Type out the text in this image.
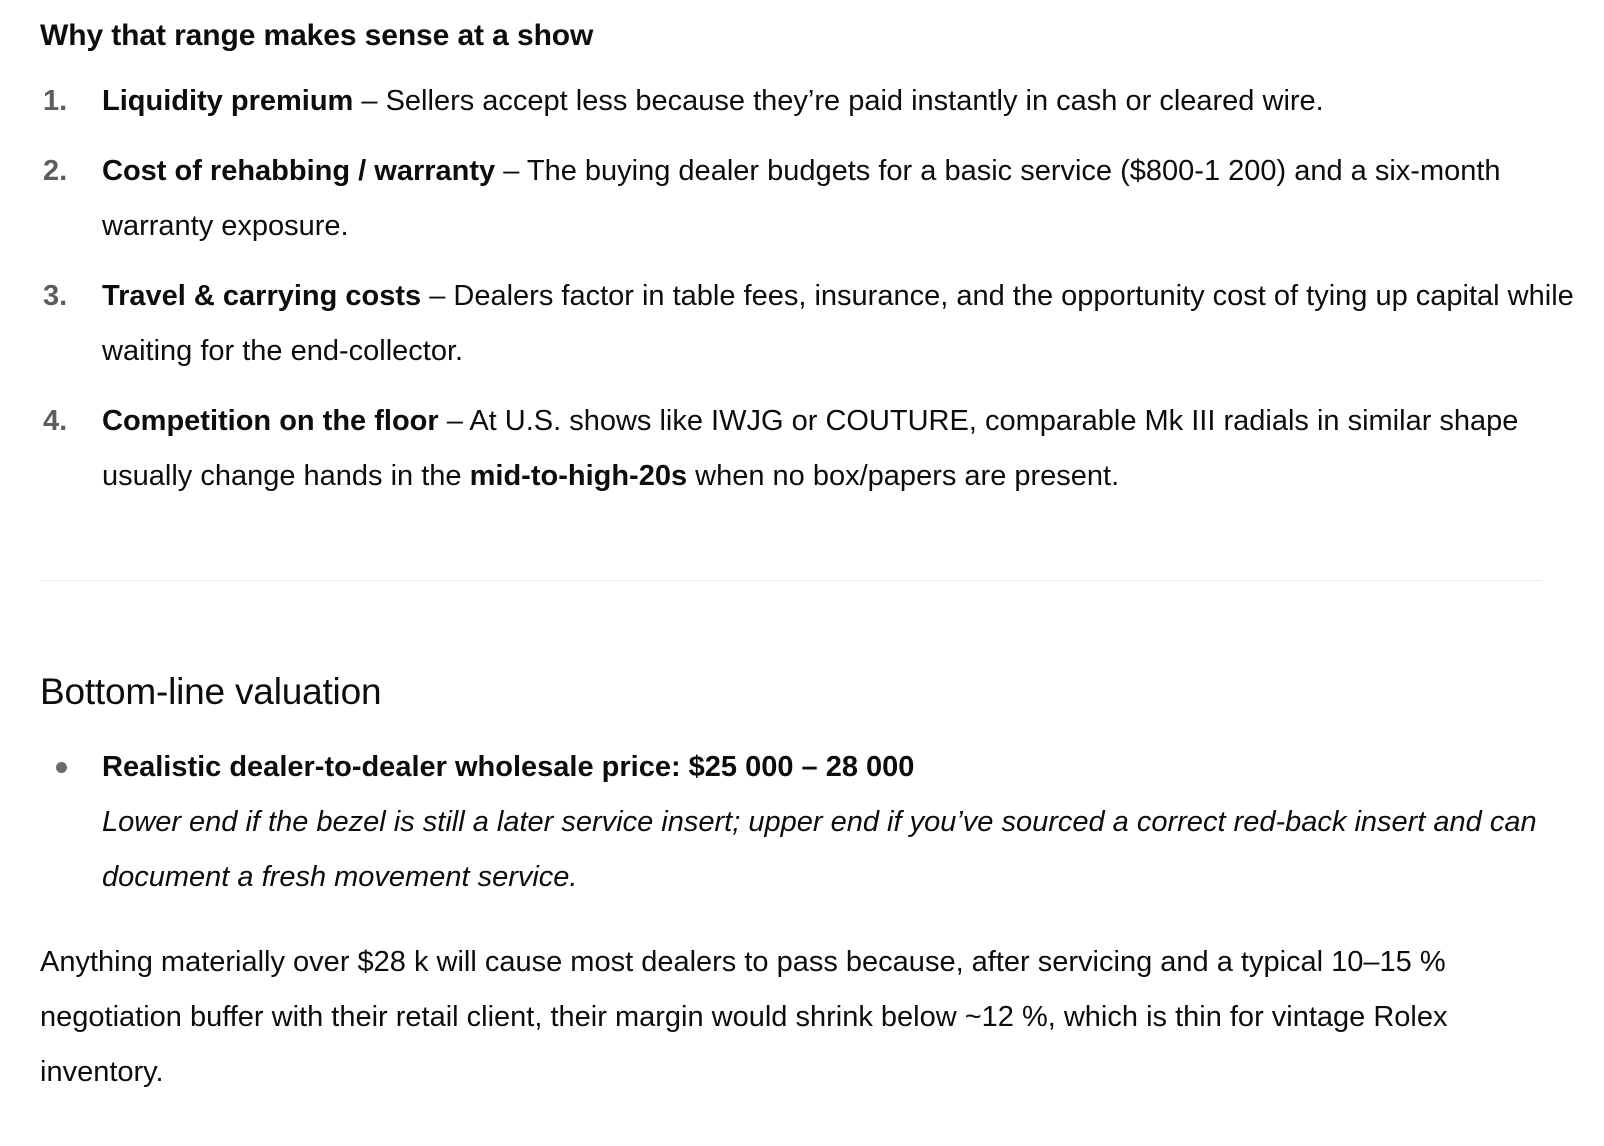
Why that range makes sense at a show
1. Liquidity premium – Sellers accept less because they’re paid instantly in cash or cleared wire.
2. Cost of rehabbing / warranty – The buying dealer budgets for a basic service ($800-1 200) and a six-month warranty exposure.
3. Travel & carrying costs – Dealers factor in table fees, insurance, and the opportunity cost of tying up capital while waiting for the end-collector.
4. Competition on the floor – At U.S. shows like IWJG or COUTURE, comparable Mk III radials in similar shape usually change hands in the mid-to-high-20s when no box/papers are present.
Bottom-line valuation
Realistic dealer-to-dealer wholesale price: $25 000 – 28 000
Lower end if the bezel is still a later service insert; upper end if you’ve sourced a correct red-back insert and can document a fresh movement service.
Anything materially over $28 k will cause most dealers to pass because, after servicing and a typical 10–15 % negotiation buffer with their retail client, their margin would shrink below ~12 %, which is thin for vintage Rolex inventory.
